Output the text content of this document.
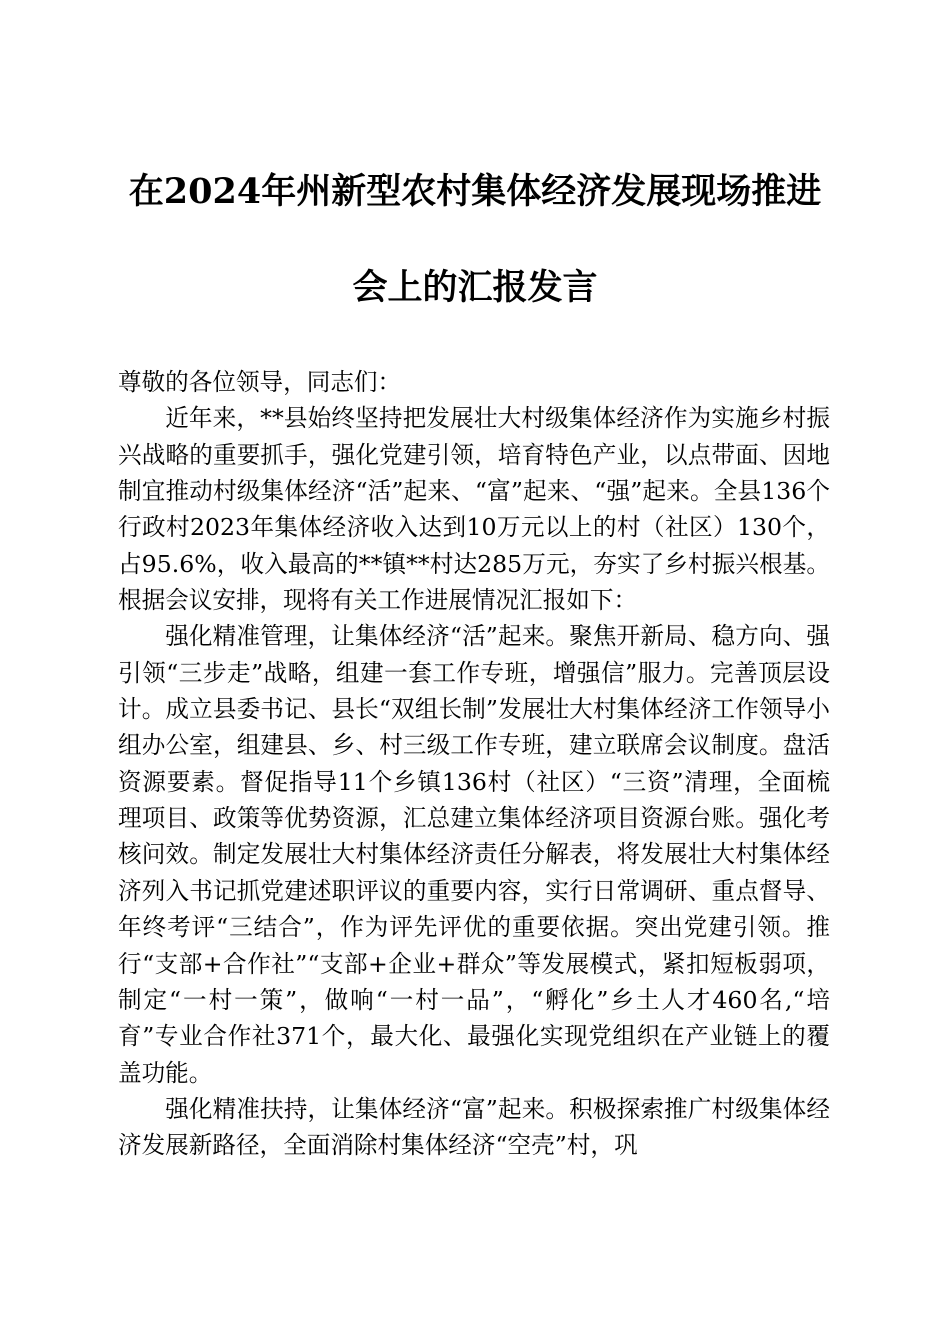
在2024年州新型农村集体经济发展现场推进
会上的汇报发言

尊敬的各位领导，同志们：

近年来，**县始终坚持把发展壮大村级集体经济作为实施乡村振兴战略的重要抓手，强化党建引领，培育特色产业，以点带面、因地制宜推动村级集体经济“活”起来、“富”起来、“强”起来。全县136个行政村2023年集体经济收入达到10万元以上的村（社区）130个，占95.6%，收入最高的**镇**村达285万元，夯实了乡村振兴根基。根据会议安排，现将有关工作进展情况汇报如下：

强化精准管理，让集体经济“活”起来。聚焦开新局、稳方向、强引领“三步走”战略，组建一套工作专班，增强信”服力。完善顶层设计。成立县委书记、县长“双组长制”发展壮大村集体经济工作领导小组办公室，组建县、乡、村三级工作专班，建立联席会议制度。盘活资源要素。督促指导11个乡镇136村（社区）“三资”清理，全面梳理项目、政策等优势资源，汇总建立集体经济项目资源台账。强化考核问效。制定发展壮大村集体经济责任分解表，将发展壮大村集体经济列入书记抓党建述职评议的重要内容，实行日常调研、重点督导、年终考评“三结合”，作为评先评优的重要依据。突出党建引领。推行“支部+合作社”“支部+企业+群众”等发展模式，紧扣短板弱项，制定“一村一策”，做响“一村一品”，“孵化”乡土人才460名,“培育”专业合作社371个，最大化、最强化实现党组织在产业链上的覆盖功能。

强化精准扶持，让集体经济“富”起来。积极探索推广村级集体经济发展新路径，全面消除村集体经济“空壳”村，巩
